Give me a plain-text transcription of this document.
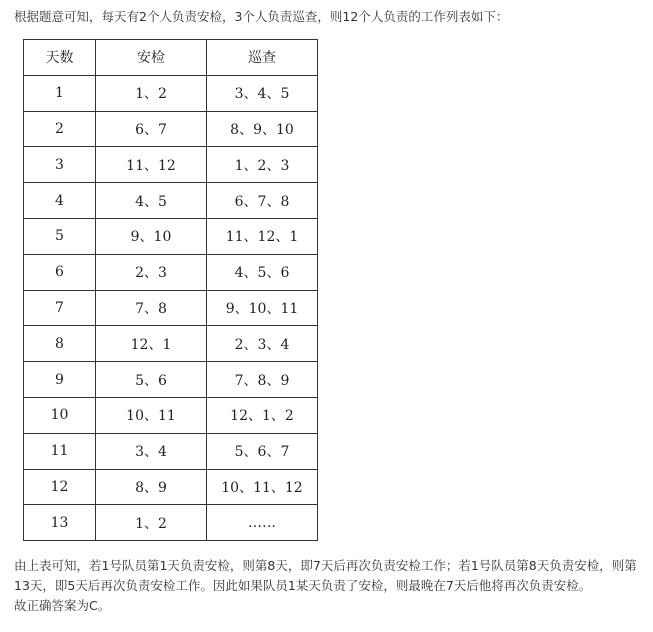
根据题意可知，每天有2个人负责安检，3个人负责巡查，则12个人负责的工作列表如下：
天数	安检	巡查
1	1、2	3、4、5
2	6、7	8、9、10
3	11、12	1、2、3
4	4、5	6、7、8
5	9、10	11、12、1
6	2、3	4、5、6
7	7、8	9、10、11
8	12、1	2、3、4
9	5、6	7、8、9
10	10、11	12、1、2
11	3、4	5、6、7
12	8、9	10、11、12
13	1、2	……

由上表可知，若1号队员第1天负责安检，则第8天，即7天后再次负责安检工作；若1号队员第8天负责安检，则第

13天，即5天后再次负责安检工作。因此如果队员1某天负责了安检，则最晚在7天后他将再次负责安检。

故正确答案为C。
